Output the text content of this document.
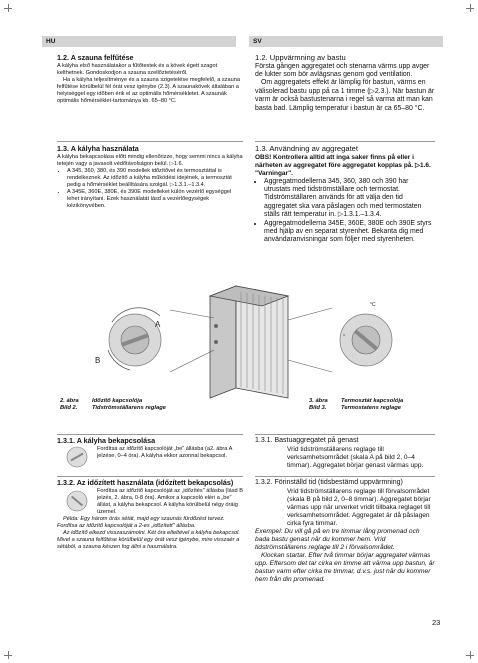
HU	SV
1.2. A szauna felfűtése

A kályha első használatakor a fűtőtestek és a kövek égett szagot kelthetnek. Gondoskodjon a szauna szellőztetéséről.

Ha a kályha teljesítménye és a szauna szigetelése megfelelő, a szauna felfűtése körülbelül fél órát vesz igénybe (2.3). A szaunakövek általában a helyiséggel egy időben érik el az optimális hőmérsékletet. A szaunák optimális hőmérséklet-tartománya kb. 65–80 °C.

1.3. A kályha használata

A kályha bekapcsolása előtt mindig ellenőrizze, hogy semmi nincs a kályha tetején vagy a javasolt védőtávolságon belül. ▷1.6.

• A 345, 360, 380, és 390 modellek időzítővel és termosztáttal is rendelkeznek. Az időzítő a kályha működési idejének, a termosztát pedig a hőmérséklet beállítására szolgál. ▷1.3.1.–1.3.4.
• A 345E, 360E, 380E, és 390E modelleket külön vezérlő egységgel lehet irányítani. Ezek használatát lásd a vezérlőegységek kézikönyvében.
1.2. Uppvärmning av bastu

Första gången aggregatet och stenarna värms upp avger de lukter som bör avlägsnas genom god ventilation.

Om aggregatets effekt är lämplig för bastun, värms en välisolerad bastu upp på ca 1 timme (▷2.3.). När bastun är varm är också bastustenarna i regel så varma att man kan basta bad. Lämplig temperatur i bastun är ca 65–80 °C.

1.3. Användning av aggregatet

OBS! Kontrollera alltid att inga saker finns på eller i närheten av aggregatet före aggregatet kopplas på. ▷1.6. "Varningar".

• Aggregatmodellerna 345, 360, 380 och 390 har utrustats med tidströmställare och termostat. Tidströmställaren används för att välja den tid aggregatet ska vara påslagen och med termostaten ställs rätt temperatur in. ▷1.3.1.–1.3.4.
• Aggregatmodellerna 345E, 360E, 380E och 390E styrs med hjälp av en separat styrenhet. Bekanta dig med användaranvisningar som följer med styrenheten.
A
B
°C
°
2. ábra Időzítő kapcsolója
Bild 2.	Tidströmställarens reglage
3. ábra Termosztát kapcsolója
Bild 3.	Termostatens reglage
1.3.1. A kályha bekapcsolása

Fordítsa az időzítő kapcsolóját „be" állásba (a2. ábra A jelzése, 0–4 óra). A kályha ekkor azonnal bekapcsol.

1.3.2. Az időzített használata (időzített bekapcsolás)

Fordítsa az időzítő kapcsolóját az „időzítés" állásba (lásd B jelzés, 2. ábra, 0-8 óra). Amikor a kapcsoló eléri a „be" állást, a kályha bekapcsol. A kályha körülbelül négy óráig üzemel.

Példa: Egy három órás sétát, majd egy szaunás fürdőzést tervez. Fordítsa az időzítő kapcsolóját a 2-es „időzített" állásba.

Az időzítő elkezd visszaszámolni. Két óra elteltével a kályha bekapcsol. Mivel a szauna felfűtése körülbelül egy órát vesz igénybe, mire visszaér a sétából, a szauna készen fog állni a használatra.

1.3.1. Bastuaggregatet på genast

Vrid tidströmställarens reglage till verksamhetsområdet (skala A på bild 2, 0–4 timmar). Aggregatet börjar genast värmas upp.

1.3.2. Förinställd tid (tidsbestämd uppvärmning)

Vrid tidströmställarens reglage till förvalsområdet (skala B på bild 2, 0–8 timmar). Aggregatet börjar värmas upp när urverket vridit tillbaka reglaget till verksamhetsområdet. Aggregatet är då påslagen cirka fyra timmar.

Exempel: Du vill gå på en tre timmar lång promenad och bada bastu genast när du kommer hem. Vrid tidströmställarens reglage till 2 i förvalsområdet.

Klockan startar. Efter två timmar börjar aggregatet värmas upp. Eftersom det tar cirka en timme att värma upp bastun, är bastun varm efter cirka tre timmar, d.v.s. just när du kommer hem från din promenad.

23
